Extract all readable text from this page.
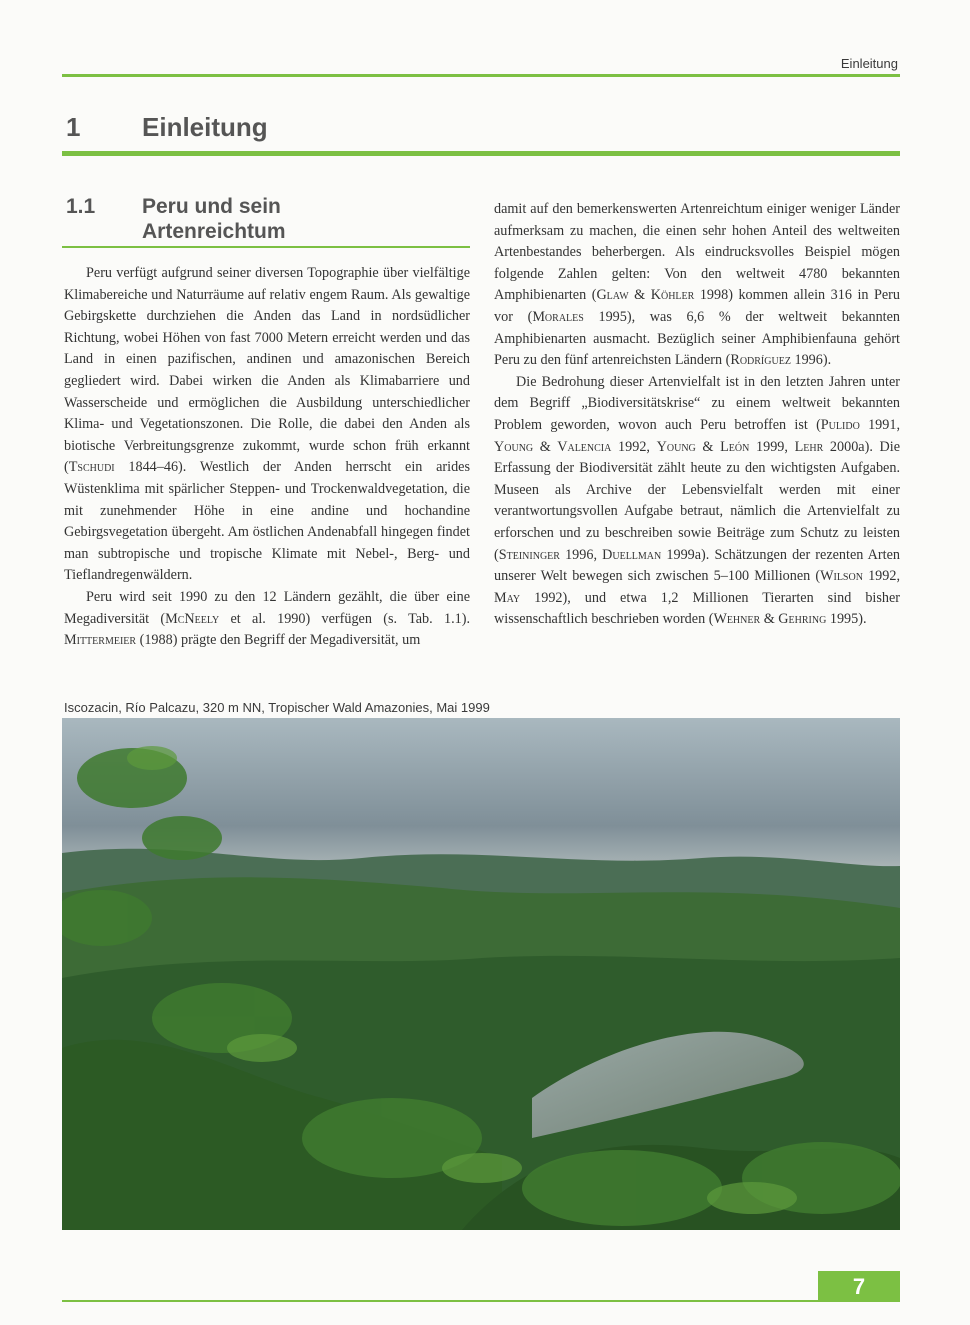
Einleitung
1 Einleitung
1.1 Peru und sein Artenreichtum

Peru verfügt aufgrund seiner diversen Topographie über vielfältige Klimabereiche und Naturräume auf relativ engem Raum. Als gewaltige Gebirgskette durchziehen die Anden das Land in nordsüdlicher Richtung, wobei Höhen von fast 7000 Metern erreicht werden und das Land in einen pazifischen, andinen und amazonischen Bereich gegliedert wird. Dabei wirken die Anden als Klimabarriere und Wasserscheide und ermöglichen die Ausbildung unterschiedlicher Klima- und Vegetationszonen. Die Rolle, die dabei den Anden als biotische Verbreitungsgrenze zukommt, wurde schon früh erkannt (Tschudi 1844–46). Westlich der Anden herrscht ein arides Wüstenklima mit spärlicher Steppen- und Trockenwaldvegetation, die mit zunehmender Höhe in eine andine und hochandine Gebirgsvegetation übergeht. Am östlichen Andenabfall hingegen findet man subtropische und tropische Klimate mit Nebel-, Berg- und Tieflandregenwäldern.

Peru wird seit 1990 zu den 12 Ländern gezählt, die über eine Megadiversität (McNeely et al. 1990) verfügen (s. Tab. 1.1). Mittermeier (1988) prägte den Begriff der Megadiversität, um

damit auf den bemerkenswerten Artenreichtum einiger weniger Länder aufmerksam zu machen, die einen sehr hohen Anteil des weltweiten Artenbestandes beherbergen. Als eindrucksvolles Beispiel mögen folgende Zahlen gelten: Von den weltweit 4780 bekannten Amphibienarten (Glaw & Köhler 1998) kommen allein 316 in Peru vor (Morales 1995), was 6,6 % der weltweit bekannten Amphibienarten ausmacht. Bezüglich seiner Amphibienfauna gehört Peru zu den fünf artenreichsten Ländern (Rodríguez 1996).

Die Bedrohung dieser Artenvielfalt ist in den letzten Jahren unter dem Begriff „Biodiversitätskrise“ zu einem weltweit bekannten Problem geworden, wovon auch Peru betroffen ist (Pulido 1991, Young & Valencia 1992, Young & León 1999, Lehr 2000a). Die Erfassung der Biodiversität zählt heute zu den wichtigsten Aufgaben. Museen als Archive der Lebensvielfalt werden mit einer verantwortungsvollen Aufgabe betraut, nämlich die Artenvielfalt zu erforschen und zu beschreiben sowie Beiträge zum Schutz zu leisten (Steininger 1996, Duellman 1999a). Schätzungen der rezenten Arten unserer Welt bewegen sich zwischen 5–100 Millionen (Wilson 1992, May 1992), und etwa 1,2 Millionen Tierarten sind bisher wissenschaftlich beschrieben worden (Wehner & Gehring 1995).

Iscozacin, Río Palcazu, 320 m NN, Tropischer Wald Amazonies, Mai 1999
7
